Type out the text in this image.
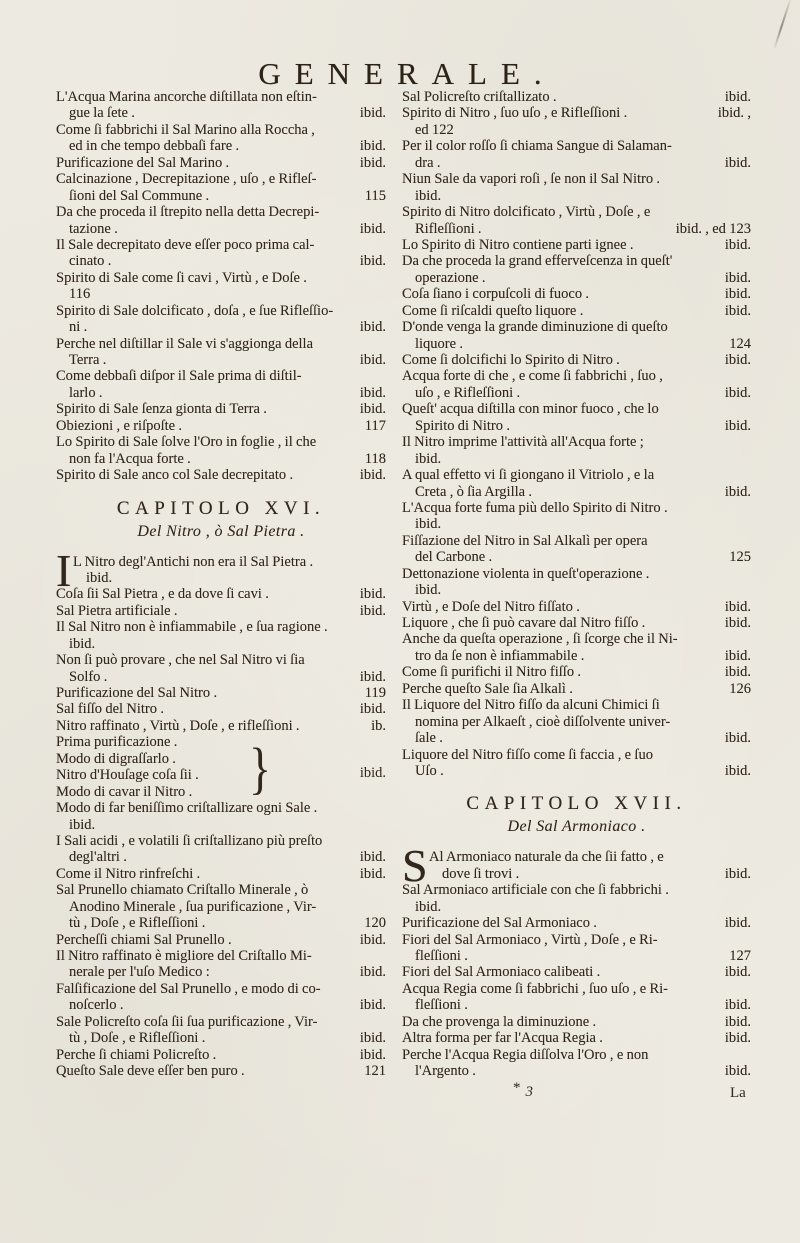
GENERALE.
L'Acqua Marina ancorche diſtillata non eſtin-
gue la ſete .	ibid.
Come ſi fabbrichi il Sal Marino alla Roccha ,
ed in che tempo debbaſi fare .	ibid.
Purificazione del Sal Marino .	ibid.
Calcinazione , Decrepitazione , uſo , e Rifleſ-
ſioni del Sal Commune .	115
Da che proceda il ſtrepito nella detta Decrepi-
tazione .	ibid.
Il Sale decrepitato deve eſſer poco prima cal-
cinato .	ibid.
Spirito di Sale come ſi cavi , Virtù , e Doſe .
116
Spirito di Sale dolcificato , doſa , e ſue Rifleſſio-
ni .	ibid.
Perche nel diſtillar il Sale vi s'aggionga della
Terra .	ibid.
Come debbaſi diſpor il Sale prima di diſtil-
larlo .	ibid.
Spirito di Sale ſenza gionta di Terra .	ibid.
Obiezioni , e riſpoſte .	117
Lo Spirito di Sale ſolve l'Oro in foglie , il che
non fa l'Acqua forte .	118
Spirito di Sale anco col Sale decrepitato .	ibid.
CAPITOLO XVI.
Del Nitro , ò Sal Pietra .
I L Nitro degl'Antichi non era il Sal Pietra .
ibid.
Coſa ſii Sal Pietra , e da dove ſi cavi .	ibid.
Sal Pietra artificiale .	ibid.
Il Sal Nitro non è infiammabile , e ſua ragione .
ibid.
Non ſi può provare , che nel Sal Nitro vi ſia
Solfo .	ibid.
Purificazione del Sal Nitro .	119
Sal fiſſo del Nitro .	ibid.
Nitro raffinato , Virtù , Doſe , e rifleſſioni .	ib.
Prima purificazione .
Modo di digraſſarlo .
Nitro d'Houſage coſa ſii .
Modo di cavar il Nitro . }	ibid.
Modo di far beniſſimo criſtallizare ogni Sale .
ibid.
I Sali acidi , e volatili ſi criſtallizano più preſto
degl'altri .	ibid.
Come il Nitro rinfreſchi .	ibid.
Sal Prunello chiamato Criſtallo Minerale , ò
Anodino Minerale , ſua purificazione , Vir-
tù , Doſe , e Rifleſſioni .	120
Percheſſi chiami Sal Prunello .	ibid.
Il Nitro raffinato è migliore del Criſtallo Mi-
nerale per l'uſo Medico :	ibid.
Falſificazione del Sal Prunello , e modo di co-
noſcerlo .	ibid.
Sale Policreſto coſa ſii ſua purificazione , Vir-
tù , Doſe , e Rifleſſioni .	ibid.
Perche ſi chiami Policreſto .	ibid.
Queſto Sale deve eſſer ben puro .	121
Sal Policreſto criſtallizato .	ibid.
Spirito di Nitro , ſuo uſo , e Rifleſſioni .	ibid. ,
ed 122
Per il color roſſo ſi chiama Sangue di Salaman-
dra .	ibid.
Niun Sale da vapori roſi , ſe non il Sal Nitro .
ibid.
Spirito di Nitro dolcificato , Virtù , Doſe , e
Rifleſſioni .	ibid. , ed 123
Lo Spirito di Nitro contiene parti ignee .	ibid.
Da che proceda la grand efferveſcenza in queſt'
operazione .	ibid.
Coſa ſiano i corpuſcoli di fuoco .	ibid.
Come ſi riſcaldi queſto liquore .	ibid.
D'onde venga la grande diminuzione di queſto
liquore .	124
Come ſi dolcifichi lo Spirito di Nitro .	ibid.
Acqua forte di che , e come ſi fabbrichi , ſuo ,
uſo , e Rifleſſioni .	ibid.
Queſt' acqua diſtilla con minor fuoco , che lo
Spirito di Nitro .	ibid.
Il Nitro imprime l'attività all'Acqua forte ;
ibid.
A qual effetto vi ſi giongano il Vitriolo , e la
Creta , ò ſia Argilla .	ibid.
L'Acqua forte fuma più dello Spirito di Nitro .
ibid.
Fiſſazione del Nitro in Sal Alkalì per opera
del Carbone .	125
Dettonazione violenta in queſt'operazione .
ibid.
Virtù , e Doſe del Nitro fiſſato .	ibid.
Liquore , che ſi può cavare dal Nitro fiſſo .	ibid.
Anche da queſta operazione , ſi ſcorge che il Ni-
tro da ſe non è infiammabile .	ibid.
Come ſi purifichi il Nitro fiſſo .	ibid.
Perche queſto Sale ſia Alkalì .	126
Il Liquore del Nitro fiſſo da alcuni Chimici ſi
nomina per Alkaeſt , cioè diſſolvente univer-
ſale .	ibid.
Liquore del Nitro fiſſo come ſi faccia , e ſuo
Uſo .	ibid.
CAPITOLO XVII.
Del Sal Armoniaco .
S Al Armoniaco naturale da che ſii fatto , e
dove ſi trovi .	ibid.
Sal Armoniaco artificiale con che ſi fabbrichi .
ibid.
Purificazione del Sal Armoniaco .	ibid.
Fiori del Sal Armoniaco , Virtù , Doſe , e Ri-
fleſſioni .	127
Fiori del Sal Armoniaco calibeati .	ibid.
Acqua Regia come ſi fabbrichi , ſuo uſo , e Ri-
fleſſioni .	ibid.
Da che provenga la diminuzione .	ibid.
Altra forma per far l'Acqua Regia .	ibid.
Perche l'Acqua Regia diſſolva l'Oro , e non
l'Argento .	ibid.
* 3	La
